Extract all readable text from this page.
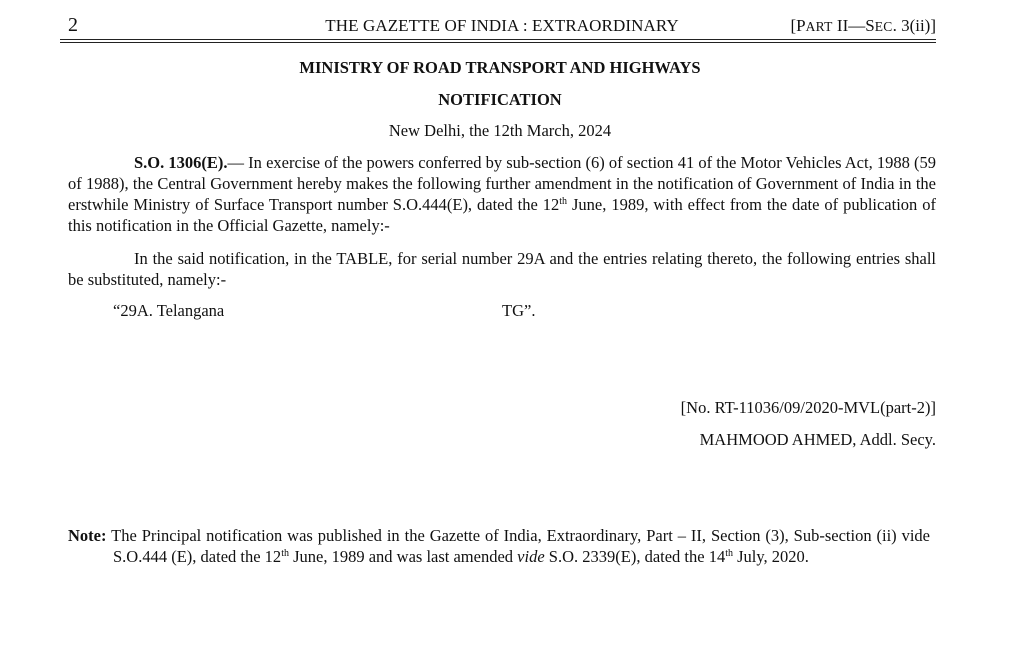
2	THE GAZETTE OF INDIA : EXTRAORDINARY	[PART II—SEC. 3(ii)]
MINISTRY OF ROAD TRANSPORT AND HIGHWAYS
NOTIFICATION
New Delhi, the 12th March, 2024

S.O. 1306(E).— In exercise of the powers conferred by sub-section (6) of section 41 of the Motor Vehicles Act, 1988 (59 of 1988), the Central Government hereby makes the following further amendment in the notification of Government of India in the erstwhile Ministry of Surface Transport number S.O.444(E), dated the 12th June, 1989, with effect from the date of publication of this notification in the Official Gazette, namely:-

In the said notification, in the TABLE, for serial number 29A and the entries relating thereto, the following entries shall be substituted, namely:-

“29A. Telangana	TG”.
[No. RT-11036/09/2020-MVL(part-2)]
MAHMOOD AHMED, Addl. Secy.

Note: The Principal notification was published in the Gazette of India, Extraordinary, Part – II, Section (3), Sub-section (ii) vide S.O.444 (E), dated the 12th June, 1989 and was last amended vide S.O. 2339(E), dated the 14th July, 2020.
